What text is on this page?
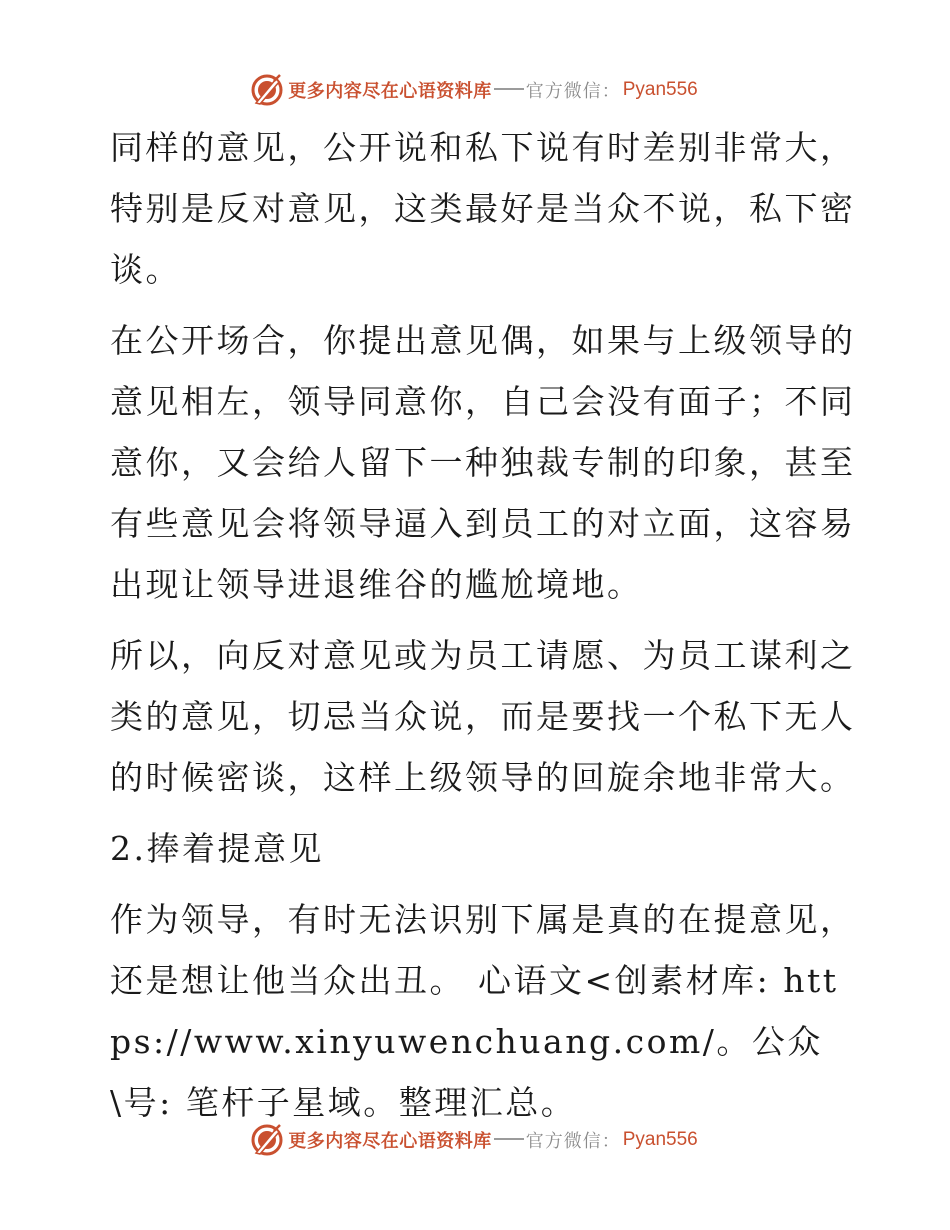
更多内容尽在心语资料库 官方微信： Pyan556

同样的意见，公开说和私下说有时差别非常大，特别是反对意见，这类最好是当众不说，私下密谈。

在公开场合，你提出意见偶，如果与上级领导的意见相左，领导同意你，自己会没有面子；不同意你，又会给人留下一种独裁专制的印象，甚至有些意见会将领导逼入到员工的对立面，这容易出现让领导进退维谷的尴尬境地。

所以，向反对意见或为员工请愿、为员工谋利之类的意见，切忌当众说，而是要找一个私下无人的时候密谈，这样上级领导的回旋余地非常大。

2.捧着提意见

作为领导，有时无法识别下属是真的在提意见，还是想让他当众出丑。 心语文<创素材库: https://www.xinyuwenchuang.com/。公众\号: 笔杆子星域。整理汇总。

更多内容尽在心语资料库 官方微信： Pyan556
